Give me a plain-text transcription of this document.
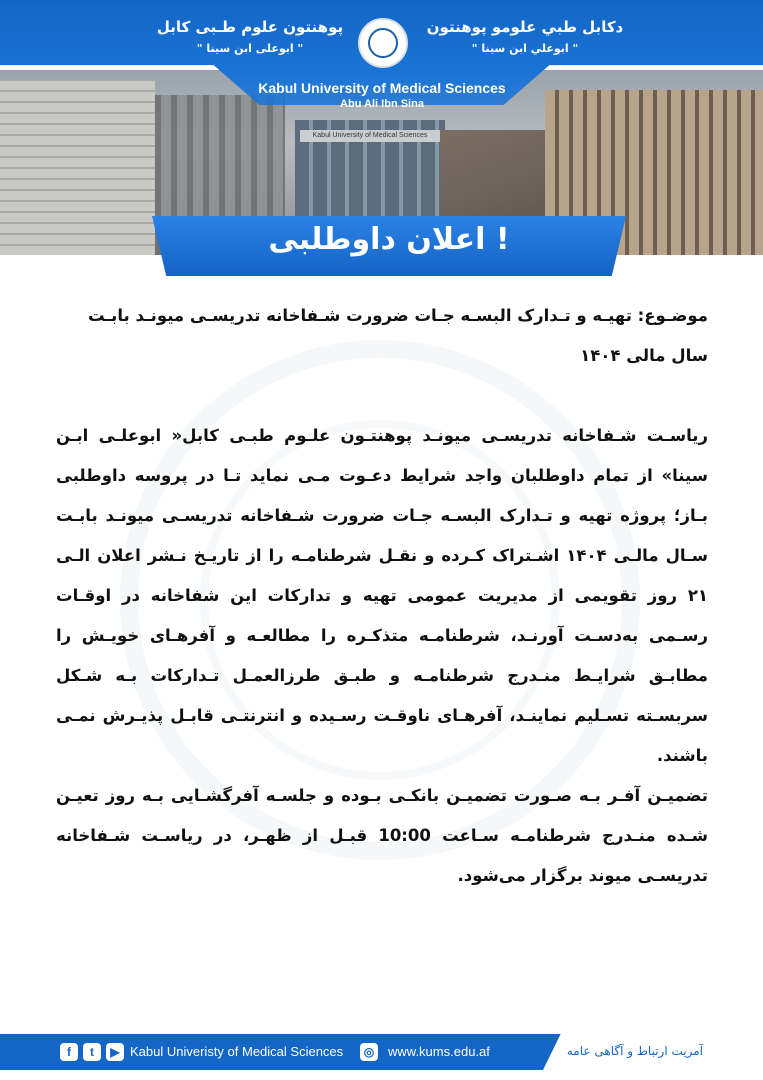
Kabul University of Medical Sciences
دکابل طبي علومو پوهنتون
" ابوعلي ابن سينا "
پوهنتون علوم طـبی کابل
" ابوعلی ابن سینا "
Kabul University of Medical Sciences
Abu Ali Ibn Sina
اعلان داوطلبی !

موضـوع: تهیـه و تـدارک البسـه جـات ضرورت شـفاخانه تدریسـی میونـد بابـت

سال مالی ۱۴۰۴

ریاسـت شـفاخانه تدریسـی میونـد پوهنتـون علـوم طبـی کابل« ابوعلـی ابـن سینا» از تمام داوطلبان واجد شرایط دعـوت مـی نماید تـا در پروسه داوطلبی بـاز؛ پروژه تهیه و تـدارک البسـه جـات ضرورت شـفاخانه تدریسـی میونـد بابـت سـال مالـی ۱۴۰۴ اشـتراک کـرده و نقـل شرطنامـه را از تاریـخ نـشر اعلان الـی ۲۱ روز تقویمی از مدیریت عمومی تهیه و تدارکات این شفاخانه در اوقـات رسـمی به‌دسـت آورنـد، شرطنامـه متذکـره را مطالعـه و آفرهـای خویـش را مطابـق شرایـط منـدرج شرطنامـه و طبـق طرزالعمـل تـدارکات بـه شـکل سربسـته تسـلیم نماینـد، آفرهـای ناوقـت رسـیده و انترنتـی قابـل پذیـرش نمـی باشند.

تضمیـن آفـر بـه صـورت تضمیـن بانکـی بـوده و جلسـه آفرگشـایی بـه روز تعیـن شـده منـدرج شرطنامـه سـاعت 10:00 قبـل از ظهـر، در ریاسـت شـفاخانه تدریسـی میوند برگزار می‌شود.

f	t	▶ Kabul Univeristy of Medical Sciences	◎ www.kums.edu.af	آمریت ارتباط و آگاهی عامه
